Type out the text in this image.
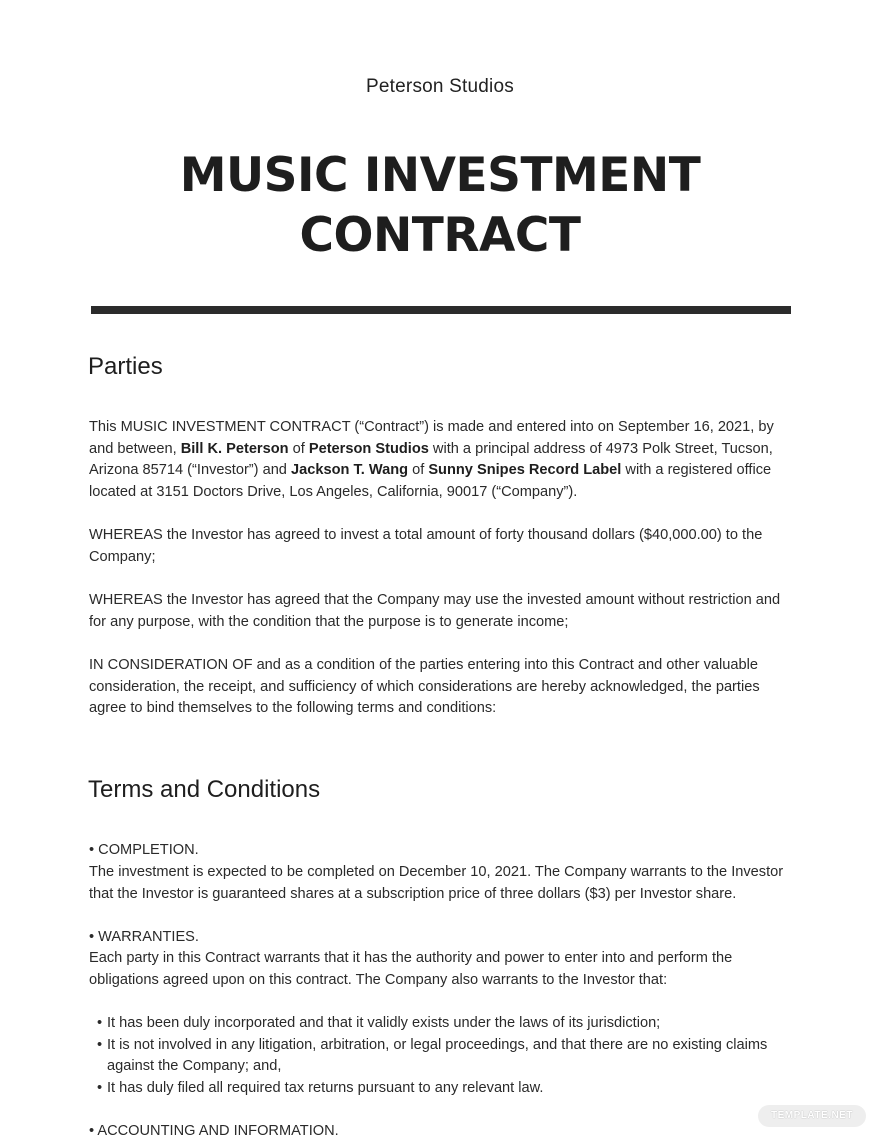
Peterson Studios
MUSIC INVESTMENT
CONTRACT
Parties
This MUSIC INVESTMENT CONTRACT (“Contract”) is made and entered into on September 16, 2021, by and between, Bill K. Peterson of Peterson Studios with a principal address of 4973 Polk Street, Tucson, Arizona 85714 (“Investor”) and Jackson T. Wang of Sunny Snipes Record Label with a registered office located at 3151 Doctors Drive, Los Angeles, California, 90017 (“Company”).
WHEREAS the Investor has agreed to invest a total amount of forty thousand dollars ($40,000.00) to the Company;
WHEREAS the Investor has agreed that the Company may use the invested amount without restriction and for any purpose, with the condition that the purpose is to generate income;
IN CONSIDERATION OF and as a condition of the parties entering into this Contract and other valuable consideration, the receipt, and sufficiency of which considerations are hereby acknowledged, the parties agree to bind themselves to the following terms and conditions:
Terms and Conditions
• COMPLETION.
The investment is expected to be completed on December 10, 2021. The Company warrants to the Investor that the Investor is guaranteed shares at a subscription price of three dollars ($3) per Investor share.
• WARRANTIES.
Each party in this Contract warrants that it has the authority and power to enter into and perform the obligations agreed upon on this contract. The Company also warrants to the Investor that:
• It has been duly incorporated and that it validly exists under the laws of its jurisdiction;
• It is not involved in any litigation, arbitration, or legal proceedings, and that there are no existing claims against the Company; and,
• It has duly filed all required tax returns pursuant to any relevant law.
• ACCOUNTING AND INFORMATION.
TEMPLATE.NET
